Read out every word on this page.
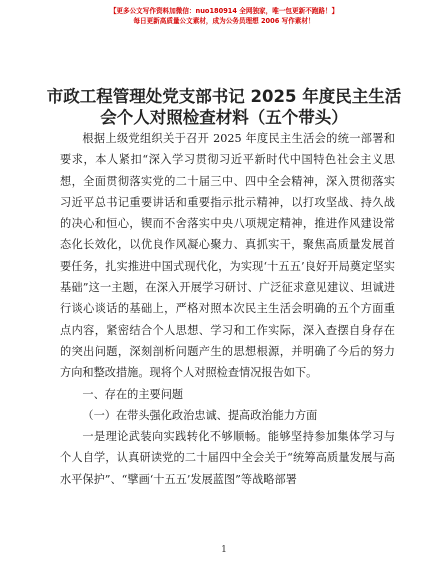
【更多公文写作资料加微信：nuo180914 全网独家，唯一包更新不跑路！】
每日更新高质量公文素材，成为公务员理想 2006 写作素材！
市政工程管理处党支部书记 2025 年度民主生活
会个人对照检查材料（五个带头）

根据上级党组织关于召开 2025 年度民主生活会的统一部署和要求，本人紧扣“深入学习贯彻习近平新时代中国特色社会主义思想，全面贯彻落实党的二十届三中、四中全会精神，深入贯彻落实习近平总书记重要讲话和重要指示批示精神，以打攻坚战、持久战的决心和恒心，锲而不舍落实中央八项规定精神，推进作风建设常态化长效化，以优良作风凝心聚力、真抓实干，聚焦高质量发展首要任务，扎实推进中国式现代化，为实现‘十五五’良好开局奠定坚实基础”这一主题，在深入开展学习研讨、广泛征求意见建议、坦诚进行谈心谈话的基础上，严格对照本次民主生活会明确的五个方面重点内容，紧密结合个人思想、学习和工作实际，深入查摆自身存在的突出问题，深刻剖析问题产生的思想根源，并明确了今后的努力方向和整改措施。现将个人对照检查情况报告如下。

一、存在的主要问题

（一）在带头强化政治忠诚、提高政治能力方面

一是理论武装向实践转化不够顺畅。能够坚持参加集体学习与个人自学，认真研读党的二十届四中全会关于“统筹高质量发展与高水平保护”、“擘画‘十五五’发展蓝图”等战略部署

1
